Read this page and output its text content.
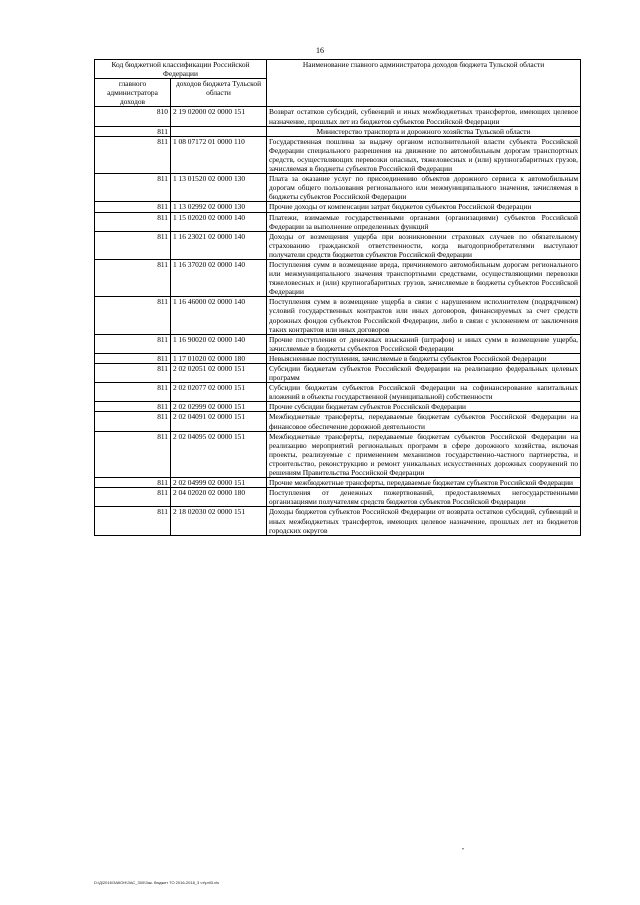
16
Код бюджетной классификации Российской Федерации		Наименование главного администратора доходов бюджета Тульской области
главного администратора доходов	доходов бюджета Тульской области	
810	2 19 02000 02 0000 151	Возврат остатков субсидий, субвенций и иных межбюджетных трансфертов, имеющих целевое назначение, прошлых лет из бюджетов субъектов Российской Федерации
811		Министерство транспорта и дорожного хозяйства Тульской области
811	1 08 07172 01 0000 110	Государственная пошлина за выдачу органом исполнительной власти субъекта Российской Федерации специального разрешения на движение по автомобильным дорогам транспортных средств, осуществляющих перевозки опасных, тяжеловесных и (или) крупногабаритных грузов, зачисляемая в бюджеты субъектов Российской Федерации
811	1 13 01520 02 0000 130	Плата за оказание услуг по присоединению объектов дорожного сервиса к автомобильным дорогам общего пользования регионального или межмуниципального значения, зачисляемая в бюджеты субъектов Российской Федерации
811	1 13 02992 02 0000 130	Прочие доходы от компенсации затрат бюджетов субъектов Российской Федерации
811	1 15 02020 02 0000 140	Платежи, взимаемые государственными органами (организациями) субъектов Российской Федерации за выполнение определенных функций
811	1 16 23021 02 0000 140	Доходы от возмещения ущерба при возникновении страховых случаев по обязательному страхованию гражданской ответственности, когда выгодоприобретателями выступают получатели средств бюджетов субъектов Российской Федерации
811	1 16 37020 02 0000 140	Поступления сумм в возмещение вреда, причиняемого автомобильным дорогам регионального или межмуниципального значения транспортными средствами, осуществляющими перевозки тяжеловесных и (или) крупногабаритных грузов, зачисляемые в бюджеты субъектов Российской Федерации
811	1 16 46000 02 0000 140	Поступления сумм в возмещение ущерба в связи с нарушением исполнителем (подрядчиком) условий государственных контрактов или иных договоров, финансируемых за счет средств дорожных фондов субъектов Российской Федерации, либо в связи с уклонением от заключения таких контрактов или иных договоров
811	1 16 90020 02 0000 140	Прочие поступления от денежных взысканий (штрафов) и иных сумм в возмещение ущерба, зачисляемые в бюджеты субъектов Российской Федерации
811	1 17 01020 02 0000 180	Невыясненные поступления, зачисляемые в бюджеты субъектов Российской Федерации
811	2 02 02051 02 0000 151	Субсидии бюджетам субъектов Российской Федерации на реализацию федеральных целевых программ
811	2 02 02077 02 0000 151	Субсидии бюджетам субъектов Российской Федерации на софинансирование капитальных вложений в объекты государственной (муниципальной) собственности
811	2 02 02999 02 0000 151	Прочие субсидии бюджетам субъектов Российской Федерации
811	2 02 04091 02 0000 151	Межбюджетные трансферты, передаваемые бюджетам субъектов Российской Федерации на финансовое обеспечение дорожной деятельности
811	2 02 04095 02 0000 151	Межбюджетные трансферты, передаваемые бюджетам субъектов Российской Федерации на реализацию мероприятий региональных программ в сфере дорожного хозяйства, включая проекты, реализуемые с применением механизмов государственно-частного партнерства, и строительство, реконструкцию и ремонт уникальных искусственных дорожных сооружений по решениям Правительства Российской Федерации
811	2 02 04999 02 0000 151	Прочие межбюджетные трансферты, передаваемые бюджетам субъектов Российской Федерации
811	2 04 02020 02 0000 180	Поступления от денежных пожертвований, предоставляемых негосударственными организациями получателям средств бюджетов субъектов Российской Федерации
811	2 18 02030 02 0000 151	Доходы бюджетов субъектов Российской Федерации от возврата остатков субсидий, субвенций и иных межбюджетных трансфертов, имеющих целевое назначение, прошлых лет из бюджетов городских округов
"
D:\Д\2016\ЗАКОН\ЗАС_300\Зак. бюджет ТО 2016-2018_3 чт\pril3.xls
